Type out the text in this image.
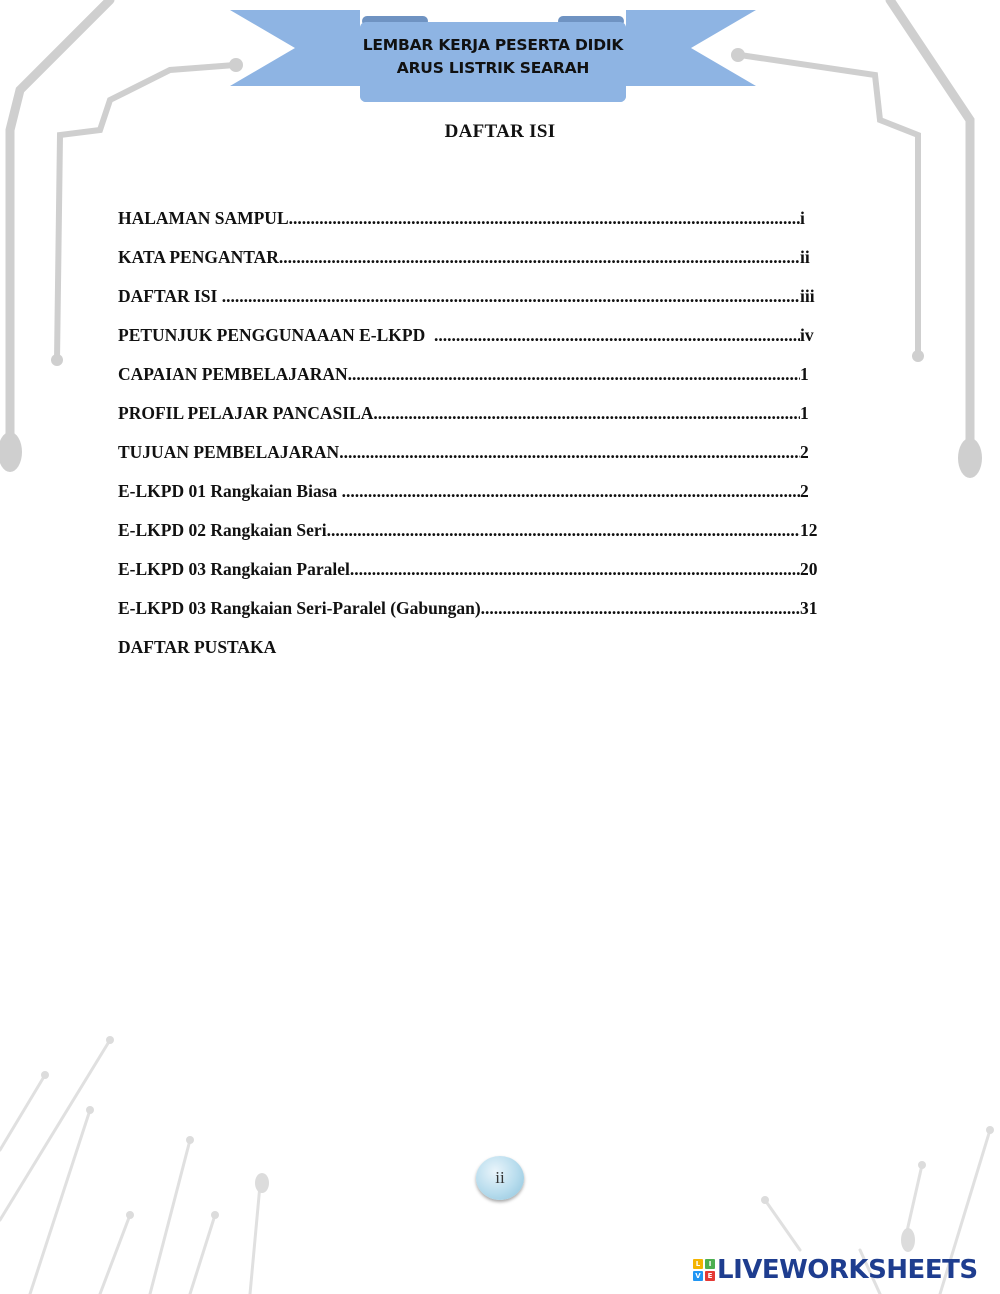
LEMBAR KERJA PESERTA DIDIK
ARUS LISTRIK SEARAH
DAFTAR ISI
HALAMAN SAMPUL .....	i
KATA PENGANTAR .....	ii
DAFTAR ISI .....	iii
PETUNJUK PENGGUNAAAN E-LKPD .....	iv
CAPAIAN PEMBELAJARAN .....	1
PROFIL PELAJAR PANCASILA .....	1
TUJUAN PEMBELAJARAN .....	2
E-LKPD 01 Rangkaian Biasa .....	2
E-LKPD 02 Rangkaian Seri .....	12
E-LKPD 03 Rangkaian Paralel .....	20
E-LKPD 03 Rangkaian Seri-Paralel (Gabungan) .....	31
DAFTAR PUSTAKA
ii
L	I
V E LIVEWORKSHEETS
